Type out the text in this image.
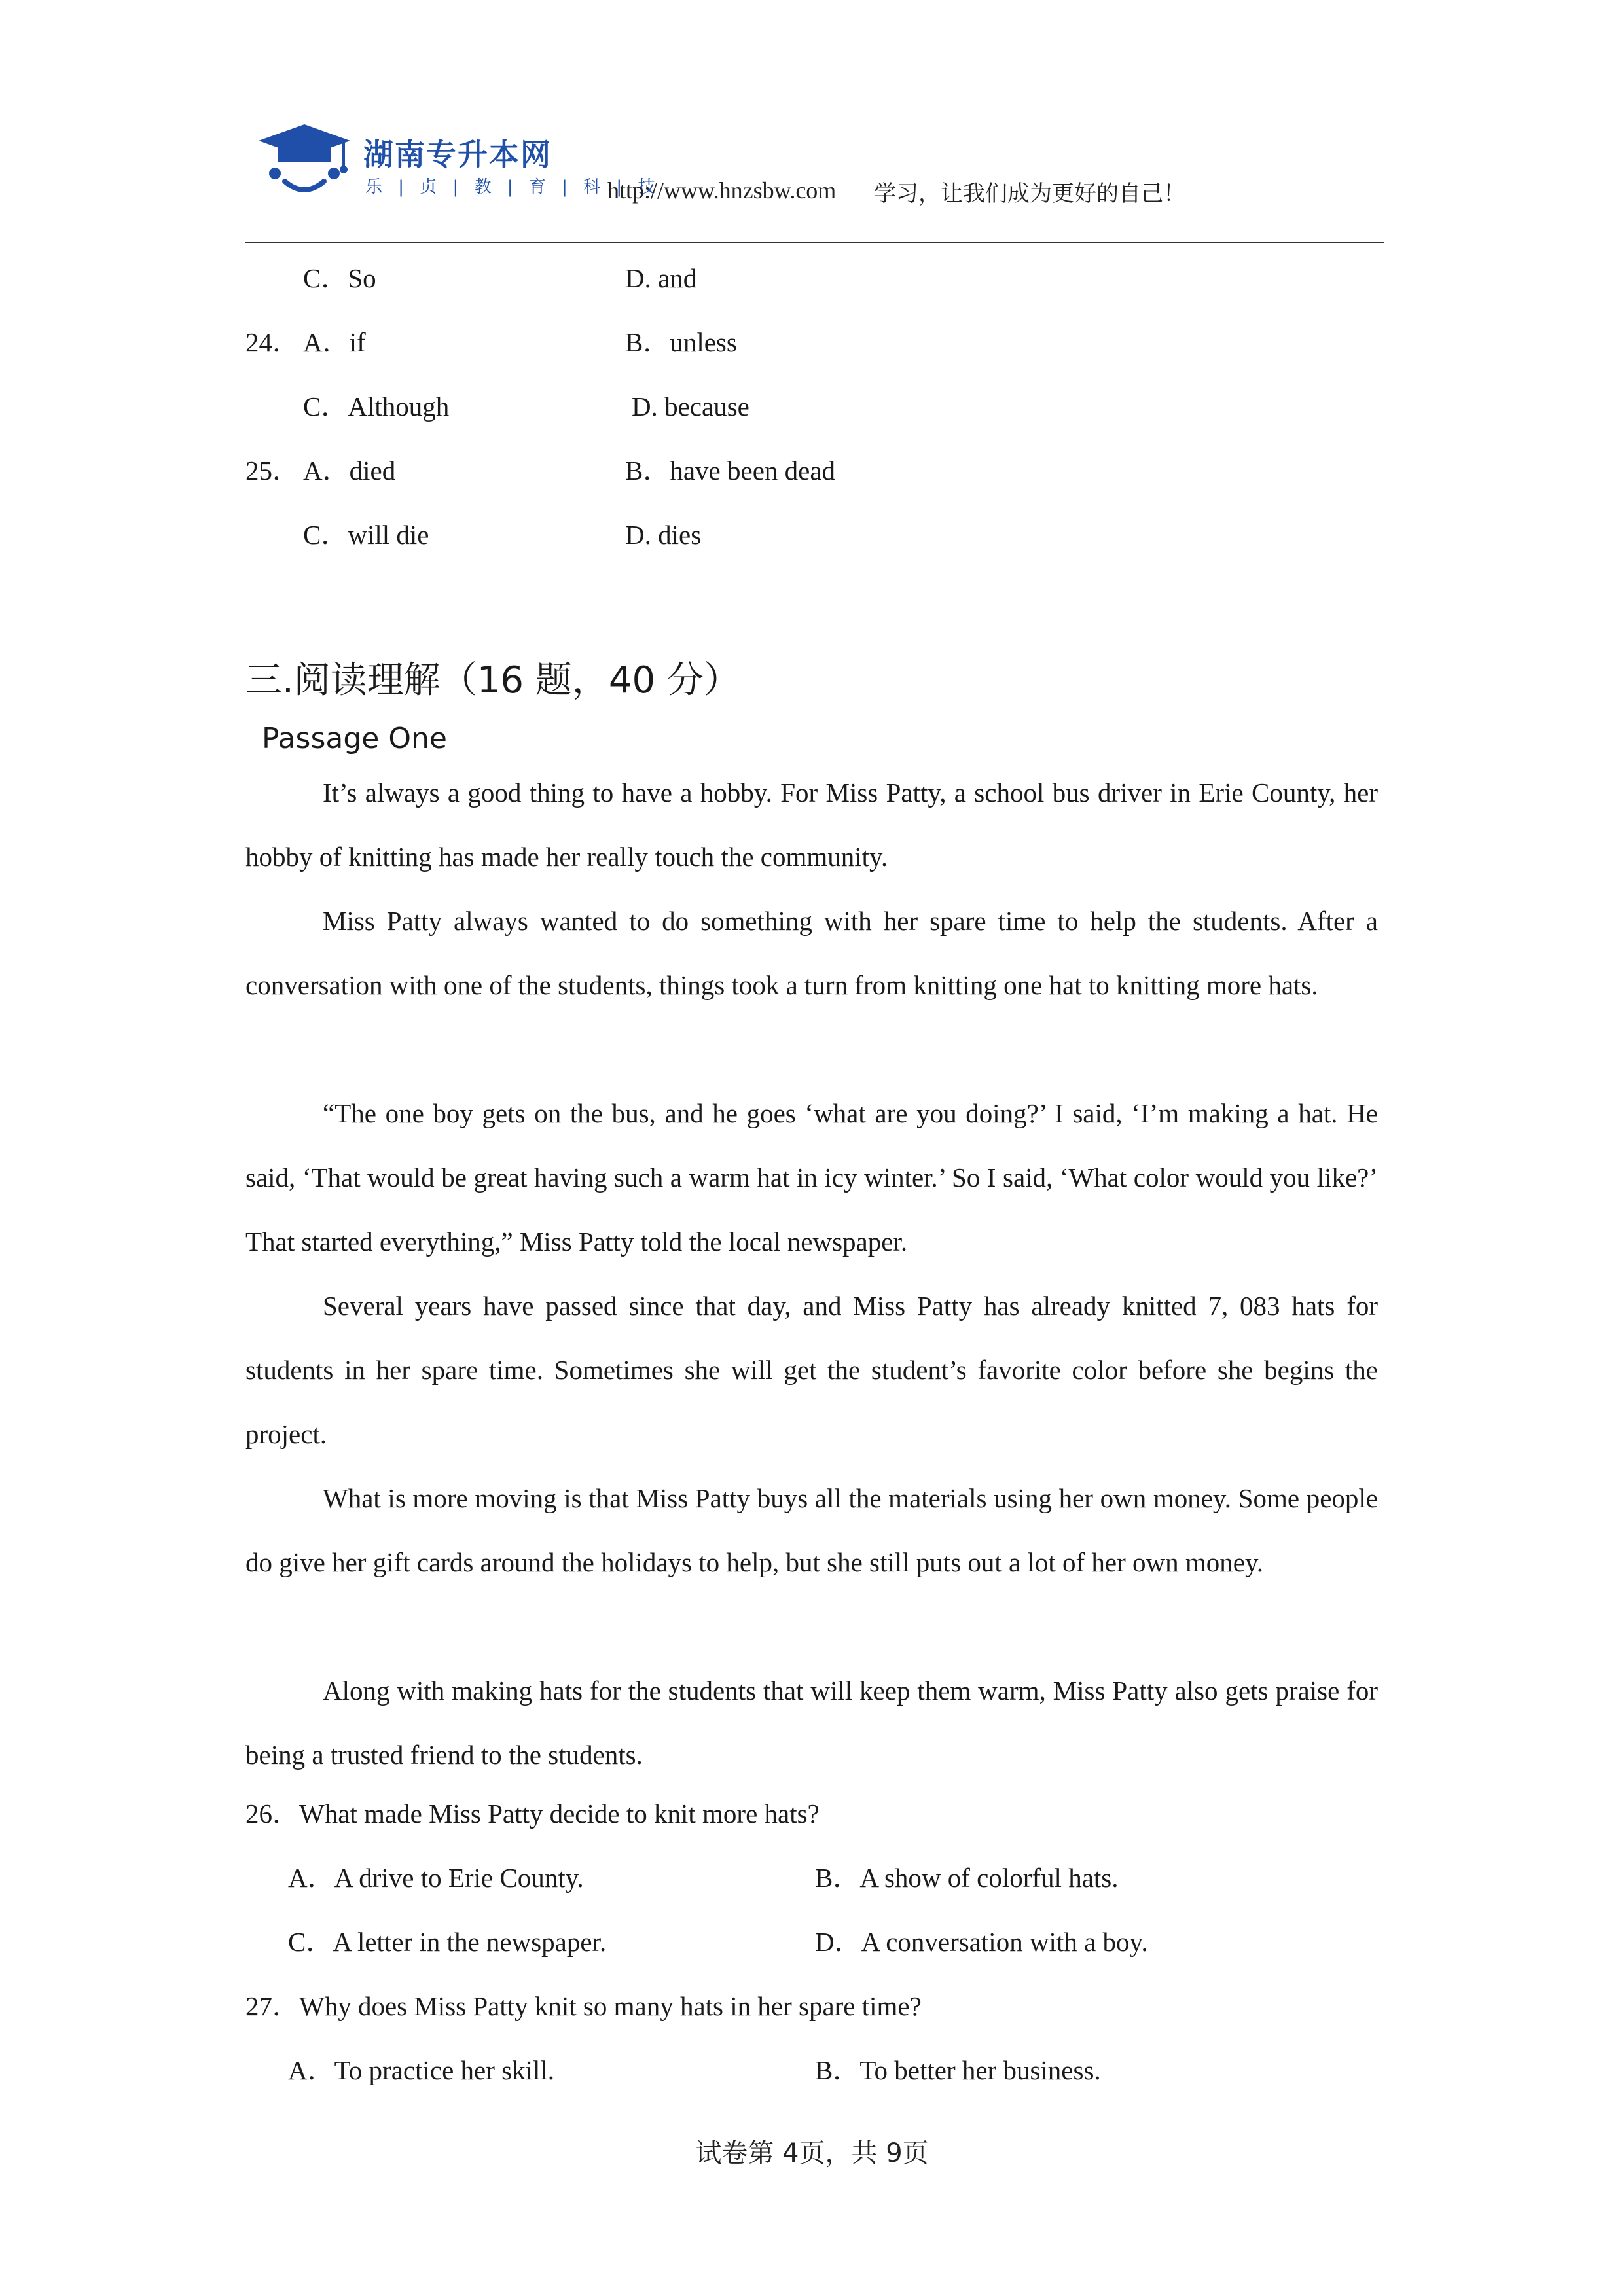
湖南专升本网
乐 | 贞 | 教 | 育 | 科 | 技
http://www.hnzsbw.com 学习，让我们成为更好的自己！
C．So	D. and
24． A．if	B．unless
C．Although	D. because
25． A．died	B．have been dead
C．will die	D. dies
三.阅读理解（16 题，40 分）
Passage One
It’s always a good thing to have a hobby. For Miss Patty, a school bus driver in Erie County, her hobby of knitting has made her really touch the community.
Miss Patty always wanted to do something with her spare time to help the students. After a conversation with one of the students, things took a turn from knitting one hat to knitting more hats.
“The one boy gets on the bus, and he goes ‘what are you doing?’ I said, ‘I’m making a hat. He said, ‘That would be great having such a warm hat in icy winter.’ So I said, ‘What color would you like?’ That started everything,” Miss Patty told the local newspaper.
Several years have passed since that day, and Miss Patty has already knitted 7, 083 hats for students in her spare time. Sometimes she will get the student’s favorite color before she begins the project.
What is more moving is that Miss Patty buys all the materials using her own money. Some people do give her gift cards around the holidays to help, but she still puts out a lot of her own money.
Along with making hats for the students that will keep them warm, Miss Patty also gets praise for being a trusted friend to the students.
26．What made Miss Patty decide to knit more hats?
A．A drive to Erie County.	B．A show of colorful hats.
C．A letter in the newspaper.	D．A conversation with a boy.
27．Why does Miss Patty knit so many hats in her spare time?
A．To practice her skill.	B．To better her business.
试卷第 4页，共 9页
